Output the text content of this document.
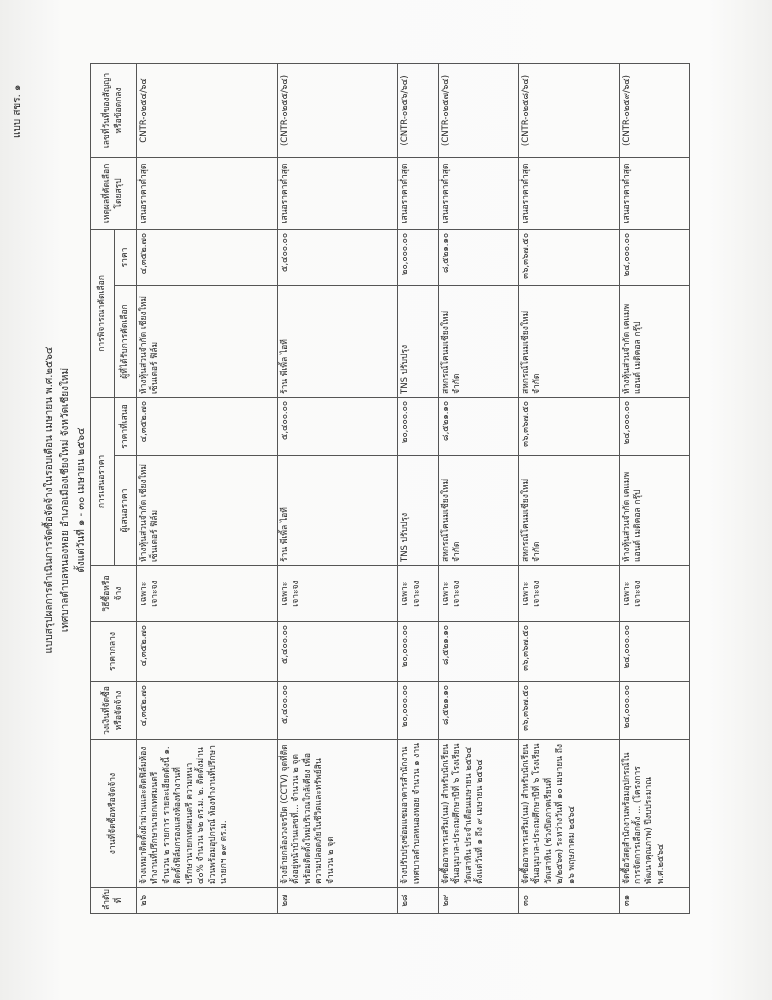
แบบ สขร. ๑
แบบสรุปผลการดำเนินการจัดซื้อจัดจ้างในรอบเดือน เมษายน พ.ศ.๒๕๖๔ เทศบาลตำบลหนองหอย อำเภอเมืองเชียงใหม่ จังหวัดเชียงใหม่ ตั้งแต่วันที่ ๑ - ๓๐ เมษายน ๒๕๖๔
ลำดับที่	งานที่จัดซื้อหรือจัดจ้าง	วงเงินที่จัดซื้อหรือจัดจ้าง	ราคากลาง	วิธีซื้อหรือจ้าง	การเสนอราคา		การพิจารณาคัดเลือก		เหตุผลที่คัดเลือกโดยสรุป	เลขที่วันที่ของสัญญาหรือข้อตกลง
					ผู้เสนอราคา	ราคาที่เสนอ	ผู้ที่ได้รับการคัดเลือก	ราคา		
๒๖	จ้างเหมาติดตั้งผ้าม่านและติดฟิล์มห้องทำงานที่ปรึกษานายกเทศมนตรี จำนวน ๒ รายการ รายละเอียดดังนี้ ๑. ติดตั้งฟิล์มกรองแสงห้องทำงานที่ปรึกษานายกเทศมนตรี ความหนา ๔๐% จำนวน ๖๒ ตร.ม. ๒. ติดตั้งม่านม้วนพร้อมอุปกรณ์ ห้องทำงานที่ปรึกษานายกฯ ๑๙ ตร.ม.	๔,๓๕๒.๗๐	๔,๓๕๒.๗๐	เฉพาะเจาะจง	ห้างหุ้นส่วนจำกัด เชียงใหม่ เซ็นเตอร์ ฟิล์ม	๔,๓๕๒.๗๐	ห้างหุ้นส่วนจำกัด เชียงใหม่ เซ็นเตอร์ ฟิล์ม	๔,๓๕๒.๗๐	เสนอราคาต่ำสุด	CNTR-๐๒๕๔/๖๔
๒๗	จ้างย้ายกล้องวงจรปิด (CCTV) จุดที่ติดตั้งอยู่หน้าบ้านเลขที่... จำนวน ๒ จุด พร้อมติดตั้งใหม่บริเวณใกล้เคียง เพื่อความปลอดภัยในชีวิตและทรัพย์สิน จำนวน ๒ จุด	๕,๔๐๐.๐๐	๕,๔๐๐.๐๐	เฉพาะเจาะจง	ร้าน พีเพิ้ล ไอที	๕,๔๐๐.๐๐	ร้าน พีเพิ้ล ไอที	๕,๔๐๐.๐๐	เสนอราคาต่ำสุด	(CNTR-๐๒๕๕/๖๔)
๒๘	จ้างปรับปรุงซ่อมแซมอาคารสำนักงานเทศบาลตำบลหนองหอย จำนวน ๑ งาน	๒๐,๐๐๐.๐๐	๒๐,๐๐๐.๐๐	เฉพาะเจาะจง	TNS ปรับปรุง	๒๐,๐๐๐.๐๐	TNS ปรับปรุง	๒๐,๐๐๐.๐๐	เสนอราคาต่ำสุด	(CNTR-๐๒๕๖/๖๔)
๒๙	จัดซื้ออาหารเสริม(นม) สำหรับนักเรียนชั้นอนุบาล-ประถมศึกษาปีที่ ๖ โรงเรียนวัดเสาหิน ประจำเดือนเมษายน ๒๕๖๔ ตั้งแต่วันที่ ๑ ถึง ๙ เมษายน ๒๕๖๔	๘,๕๒๑.๑๐	๘,๕๒๑.๑๐	เฉพาะเจาะจง	สหกรณ์โคนมเชียงใหม่ จำกัด	๘,๕๒๑.๑๐	สหกรณ์โคนมเชียงใหม่ จำกัด	๘,๕๒๑.๑๐	เสนอราคาต่ำสุด	(CNTR-๐๒๕๗/๖๔)
๓๐	จัดซื้ออาหารเสริม(นม) สำหรับนักเรียนชั้นอนุบาล-ประถมศึกษาปีที่ ๖ โรงเรียนวัดเสาหิน (ช่วงปิดภาคเรียนที่ ๒/๒๕๖๓) ระหว่างวันที่ ๑๐ เมษายน ถึง ๑๖ พฤษภาคม ๒๕๖๔	๓๖,๓๖๗.๕๐	๓๖,๓๖๗.๕๐	เฉพาะเจาะจง	สหกรณ์โคนมเชียงใหม่ จำกัด	๓๖,๓๖๗.๕๐	สหกรณ์โคนมเชียงใหม่ จำกัด	๓๖,๓๖๗.๕๐	เสนอราคาต่ำสุด	(CNTR-๐๒๕๘/๖๔)
๓๑	จัดซื้อวัสดุสำนักงานพร้อมอุปกรณ์ในการจัดการเลือกตั้ง ... (โครงการพัฒนาคุณภาพ) ปีงบประมาณ พ.ศ.๒๕๖๔	๒๔,๐๐๐.๐๐	๒๔,๐๐๐.๐๐	เฉพาะเจาะจง	ห้างหุ้นส่วนจำกัด เคแมพ แอนด์ เมดิคอล กรุ๊ป	๒๔,๐๐๐.๐๐	ห้างหุ้นส่วนจำกัด เคแมพ แอนด์ เมดิคอล กรุ๊ป	๒๔,๐๐๐.๐๐	เสนอราคาต่ำสุด	(CNTR-๐๒๕๙/๖๔)
